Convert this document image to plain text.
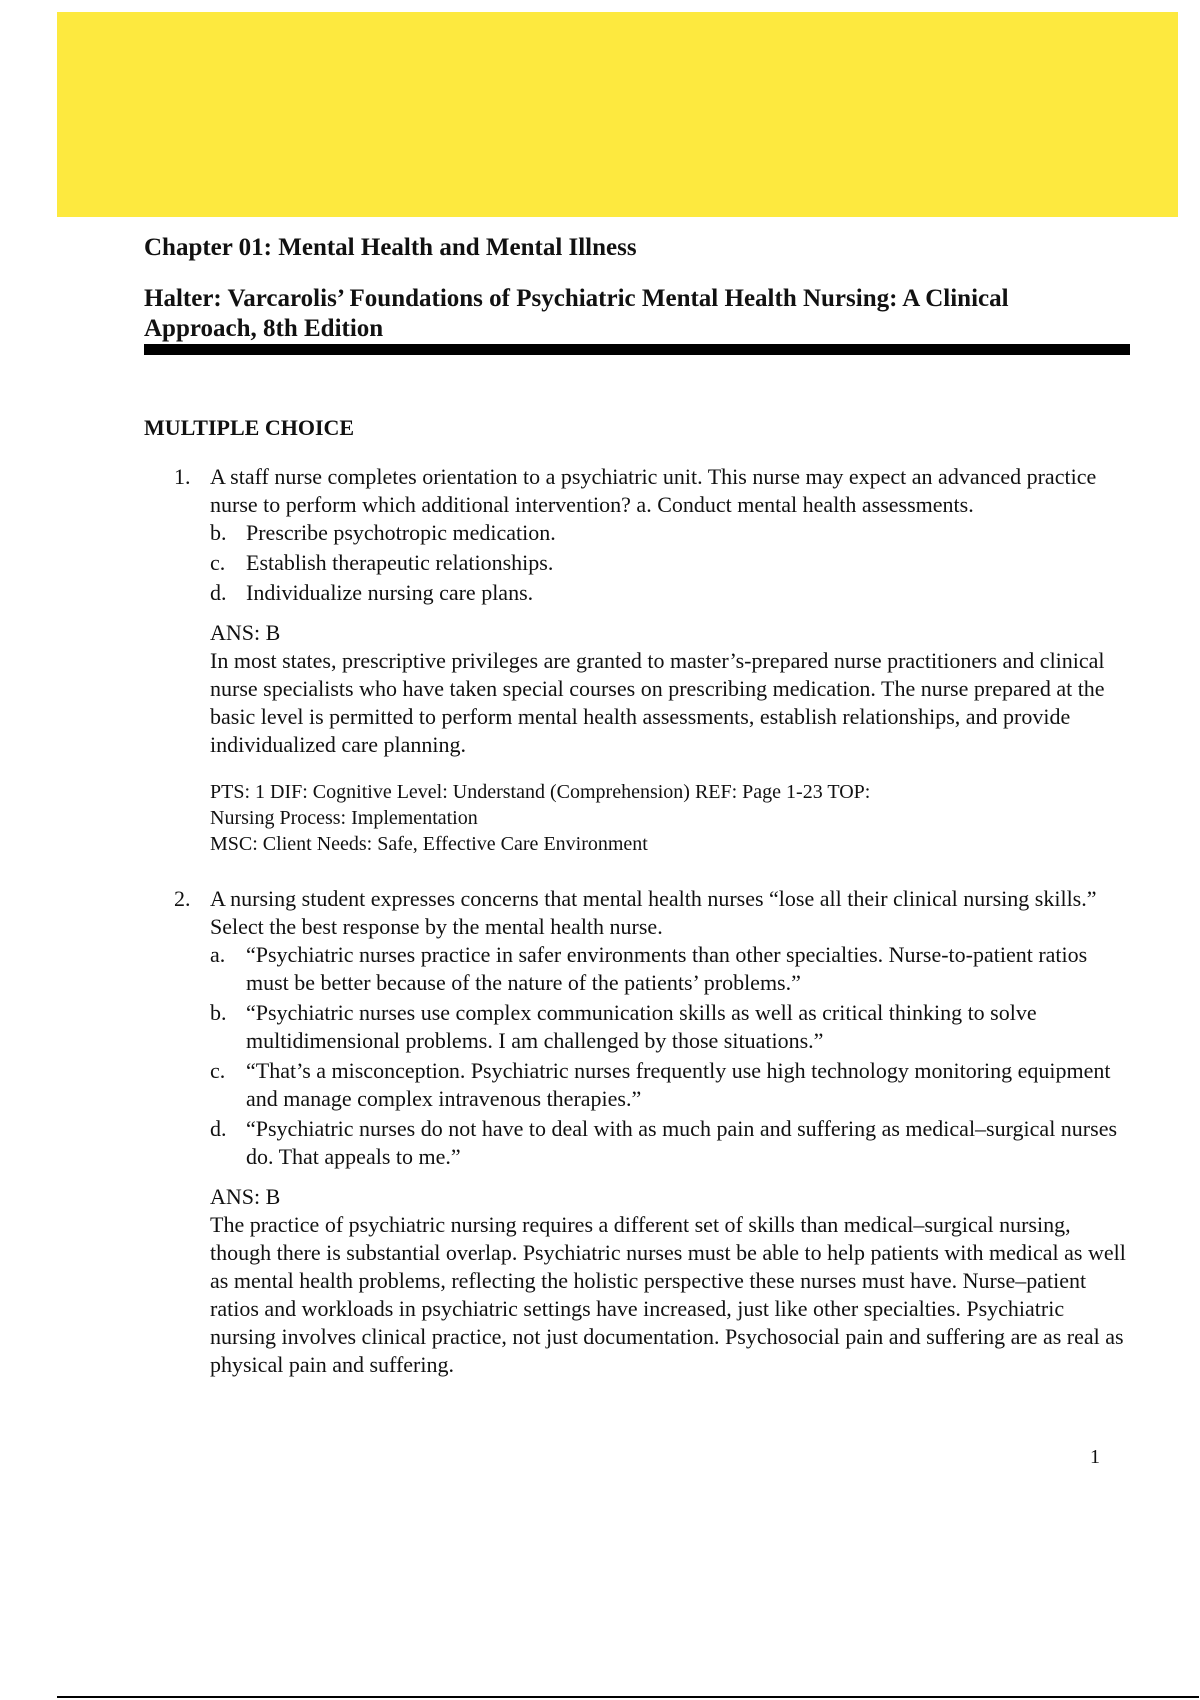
Chapter 01: Mental Health and Mental Illness
Halter: Varcarolis’ Foundations of Psychiatric Mental Health Nursing: A Clinical
Approach, 8th Edition
MULTIPLE CHOICE
1. A staff nurse completes orientation to a psychiatric unit. This nurse may expect an advanced practice nurse to perform which additional intervention? a. Conduct mental health assessments.

b. Prescribe psychotropic medication.
c. Establish therapeutic relationships.
d. Individualize nursing care plans.
ANS: B

In most states, prescriptive privileges are granted to master’s-prepared nurse practitioners and clinical nurse specialists who have taken special courses on prescribing medication. The nurse prepared at the basic level is permitted to perform mental health assessments, establish relationships, and provide individualized care planning.

PTS: 1 DIF: Cognitive Level: Understand (Comprehension) REF: Page 1-23 TOP:
Nursing Process: Implementation
MSC: Client Needs: Safe, Effective Care Environment
2. A nursing student expresses concerns that mental health nurses “lose all their clinical nursing skills.” Select the best response by the mental health nurse.

a. “Psychiatric nurses practice in safer environments than other specialties. Nurse-to-patient ratios must be better because of the nature of the patients’ problems.”
b. “Psychiatric nurses use complex communication skills as well as critical thinking to solve multidimensional problems. I am challenged by those situations.”
c. “That’s a misconception. Psychiatric nurses frequently use high technology monitoring equipment and manage complex intravenous therapies.”
d. “Psychiatric nurses do not have to deal with as much pain and suffering as medical–surgical nurses do. That appeals to me.”
ANS: B

The practice of psychiatric nursing requires a different set of skills than medical–surgical nursing, though there is substantial overlap. Psychiatric nurses must be able to help patients with medical as well as mental health problems, reflecting the holistic perspective these nurses must have. Nurse–patient ratios and workloads in psychiatric settings have increased, just like other specialties. Psychiatric nursing involves clinical practice, not just documentation. Psychosocial pain and suffering are as real as physical pain and suffering.

1
